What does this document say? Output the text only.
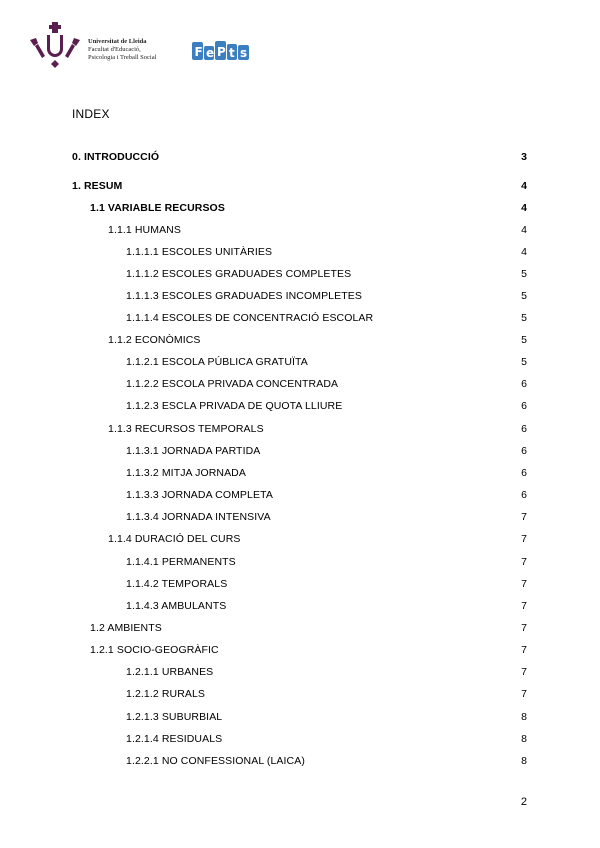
Universitat de Lleida
Facultat d'Educació,
Psicologia i Treball Social	F e P t s
INDEX
0. INTRODUCCIÓ	3
1. RESUM	4
1.1 VARIABLE RECURSOS	4
1.1.1 HUMANS	4
1.1.1.1 ESCOLES UNITÀRIES	4
1.1.1.2 ESCOLES GRADUADES COMPLETES	5
1.1.1.3 ESCOLES GRADUADES INCOMPLETES	5
1.1.1.4 ESCOLES DE CONCENTRACIÓ ESCOLAR	5
1.1.2 ECONÒMICS	5
1.1.2.1 ESCOLA PÚBLICA GRATUÏTA	5
1.1.2.2 ESCOLA PRIVADA CONCENTRADA	6
1.1.2.3 ESCLA PRIVADA DE QUOTA LLIURE	6
1.1.3 RECURSOS TEMPORALS	6
1.1.3.1 JORNADA PARTIDA	6
1.1.3.2 MITJA JORNADA	6
1.1.3.3 JORNADA COMPLETA	6
1.1.3.4 JORNADA INTENSIVA	7
1.1.4 DURACIÓ DEL CURS	7
1.1.4.1 PERMANENTS	7
1.1.4.2 TEMPORALS	7
1.1.4.3 AMBULANTS	7
1.2 AMBIENTS	7
1.2.1 SOCIO-GEOGRÀFIC	7
1.2.1.1 URBANES	7
1.2.1.2 RURALS	7
1.2.1.3 SUBURBIAL	8
1.2.1.4 RESIDUALS	8
1.2.2.1 NO CONFESSIONAL (LAICA)	8
2
